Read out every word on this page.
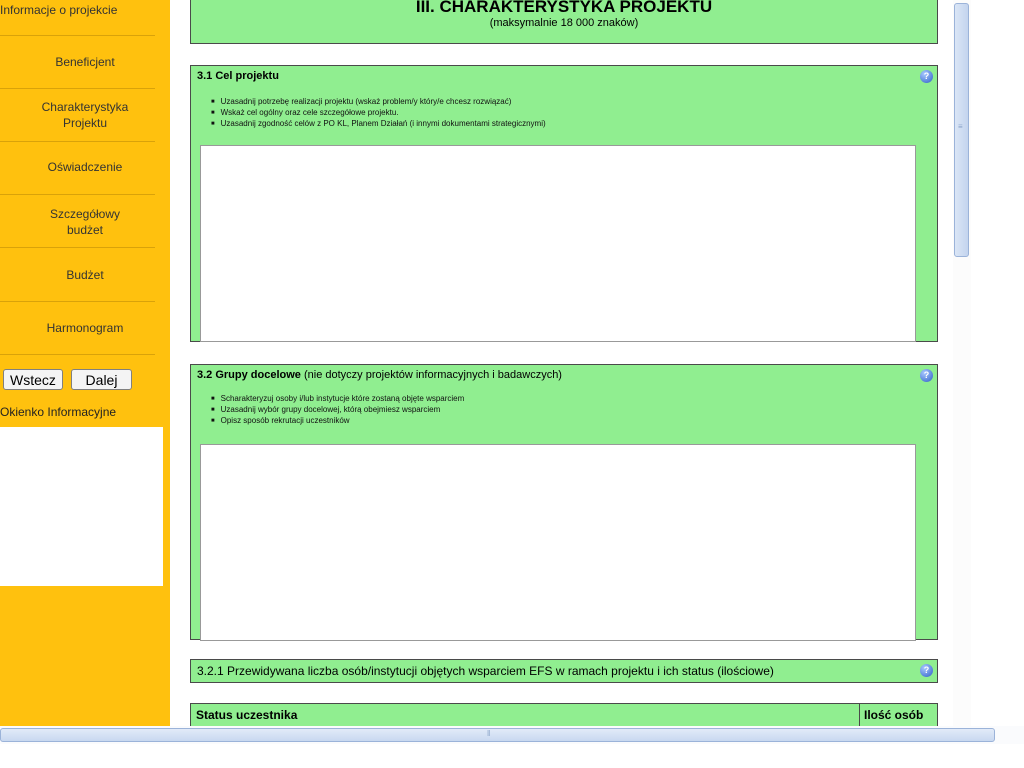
Informacje o projekcie
Beneficjent
Charakterystyka Projektu
Oświadczenie
Szczegółowy budżet
Budżet
Harmonogram
Wstecz	Dalej
Okienko Informacyjne
III. CHARAKTERYSTYKA PROJEKTU
(maksymalnie 18 000 znaków)
3.1 Cel projektu	?
■ Uzasadnij potrzebę realizacji projektu (wskaż problem/y który/e chcesz rozwiązać)
■ Wskaż cel ogólny oraz cele szczegółowe projektu.
■ Uzasadnij zgodność celów z PO KL, Planem Działań (i innymi dokumentami strategicznymi)
3.2 Grupy docelowe (nie dotyczy projektów informacyjnych i badawczych)	?
■ Scharakteryzuj osoby i/lub instytucje które zostaną objęte wsparciem
■ Uzasadnij wybór grupy docelowej, którą obejmiesz wsparciem
■ Opisz sposób rekrutacji uczestników
3.2.1 Przewidywana liczba osób/instytucji objętych wsparciem EFS w ramach projektu i ich status (ilościowe)	?
Status uczestnika	Ilość osób
≡
‖
